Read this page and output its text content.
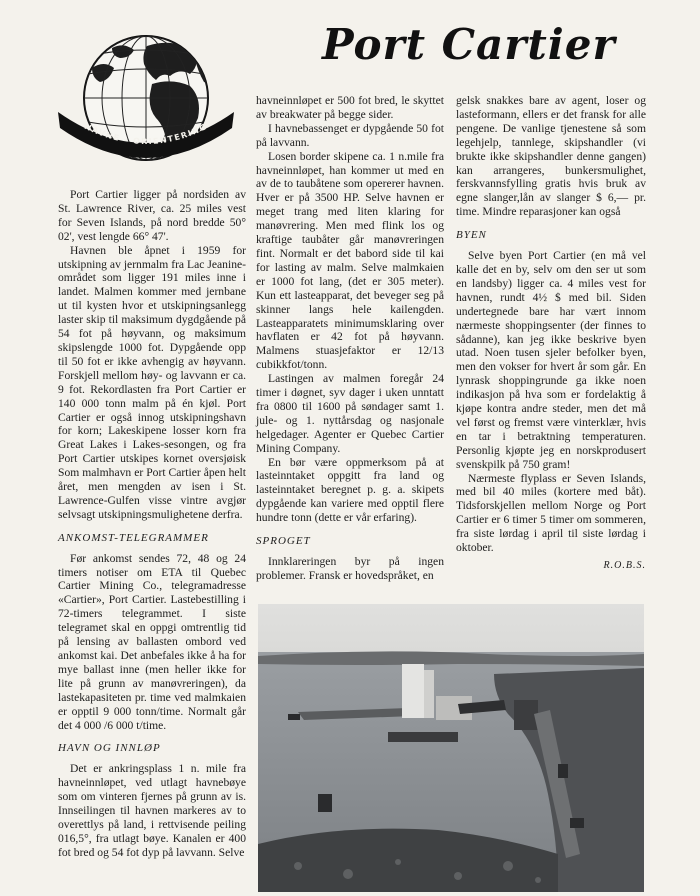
HAVNE - ORIENTERING
Port Cartier

Port Cartier ligger på nordsiden av St. Lawrence River, ca. 25 miles vest for Seven Islands, på nord bredde 50° 02', vest lengde 66° 47'.

Havnen ble åpnet i 1959 for utskipning av jernmalm fra Lac Jeanine-området som ligger 191 miles inne i landet. Malmen kommer med jernbane ut til kysten hvor et utskipningsanlegg laster skip til maksimum dygdgående på 54 fot på høyvann, og maksimum skipslengde 1000 fot. Dypgående opp til 50 fot er ikke avhengig av høyvann. Forskjell mellom høy- og lavvann er ca. 9 fot. Rekordlasten fra Port Cartier er 140 000 tonn malm på én kjøl. Port Cartier er også innog utskipningshavn for korn; Lakeskipene losser korn fra Great Lakes i Lakes-sesongen, og fra Port Cartier utskipes kornet oversjøisk Som malmhavn er Port Cartier åpen helt året, men mengden av isen i St. Lawrence-Gulfen visse vintre avgjør selvsagt utskipningsmulighetene derfra.

ANKOMST-TELEGRAMMER

Før ankomst sendes 72, 48 og 24 timers notiser om ETA til Quebec Cartier Mining Co., telegramadresse «Cartier», Port Cartier. Lastebestilling i 72-timers telegrammet. I siste telegramet skal en oppgi omtrentlig tid på lensing av ballasten ombord ved ankomst kai. Det anbefales ikke å ha for mye ballast inne (men heller ikke for lite på grunn av manøvreringen), da lastekapasiteten pr. time ved malmkaien er opptil 9 000 tonn/time. Normalt går det 4 000 /6 000 t/time.

HAVN OG INNLØP

Det er ankringsplass 1 n. mile fra havneinnløpet, ved utlagt havnebøye som om vinteren fjernes på grunn av is. Innseilingen til havnen markeres av to overettlys på land, i rettvisende peiling 016,5°, fra utlagt bøye. Kanalen er 400 fot bred og 54 fot dyp på lavvann. Selve

havneinnløpet er 500 fot bred, le skyttet av breakwater på begge sider.

I havnebassenget er dypgående 50 fot på lavvann.

Losen border skipene ca. 1 n.mile fra havneinnløpet, han kommer ut med en av de to taubåtene som opererer havnen. Hver er på 3500 HP. Selve havnen er meget trang med liten klaring for manøvrering. Men med flink los og kraftige taubåter går manøvreringen fint. Normalt er det babord side til kai for lasting av malm. Selve malmkaien er 1000 fot lang, (det er 305 meter). Kun ett lasteapparat, det beveger seg på skinner langs hele kailengden. Lasteapparatets minimumsklaring over havflaten er 42 fot på høyvann. Malmens stuasjefaktor er 12/13 cubikkfot/tonn.

Lastingen av malmen foregår 24 timer i døgnet, syv dager i uken unntatt fra 0800 til 1600 på søndager samt 1. julе- og 1. nyttårsdag og nasjonale helgedager. Agenter er Quebec Cartier Mining Company.

En bør være oppmerksom på at lasteinntaket oppgitt fra land og lasteinntaket beregnet p. g. a. skipets dypgående kan variere med opptil flere hundre tonn (dette er vår erfaring).

SPROGET

Innklareringen byr på ingen problemer. Fransk er hovedspråket, en

gelsk snakkes bare av agent, loser og lasteformann, ellers er det fransk for alle pengene. De vanlige tjenestene så som legehjelp, tannlege, skipshandler (vi brukte ikke skipshandler denne gangen) kan arrangeres, bunkersmulighet, ferskvannsfylling gratis hvis bruk av egne slanger,lån av slanger $ 6,— pr. time. Mindre reparasjoner kan også

BYEN

Selve byen Port Cartier (en må vel kalle det en by, selv om den ser ut som en landsby) ligger ca. 4 miles vest for havnen, rundt 4½ $ med bil. Siden undertegnede bare har vært innom nærmeste shoppingsenter (der finnes to sådanne), kan jeg ikke beskrive byen utad. Noen tusen sjeler befolker byen, men den vokser for hvert år som går. En lynrask shoppingrunde ga ikke noen indikasjon på hva som er fordelaktig å kjøpe kontra andre steder, men det må vel først og fremst være vinterklær, hvis en tar i betraktning temperaturen. Personlig kjøpte jeg en norskprodusert svenskpilk på 750 gram!

Nærmeste flyplass er Seven Islands, med bil 40 miles (kortere med båt). Tidsforskjellen mellom Norge og Port Cartier er 6 timer 5 timer om sommeren, fra siste lørdag i april til siste lørdag i oktober.

R.O.B.S.
